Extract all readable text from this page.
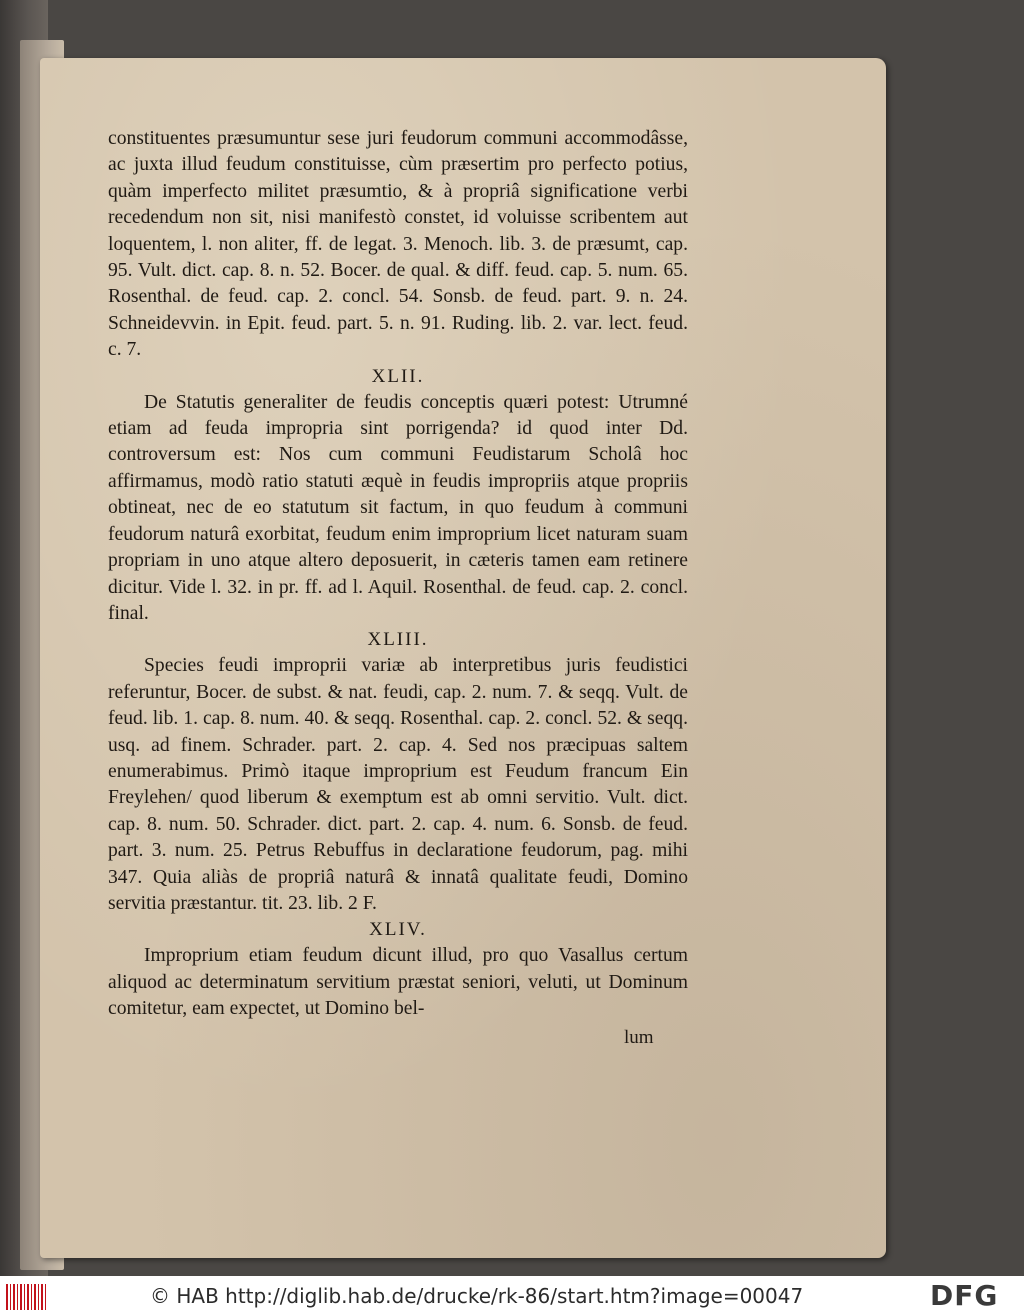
constituentes præsumuntur sese juri feudorum communi accommodâsse, ac juxta illud feudum constituisse, cùm præsertim pro perfecto potius, quàm imperfecto militet præsumtio, & à propriâ significatione verbi recedendum non sit, nisi manifestò constet, id voluisse scribentem aut loquentem, l. non aliter, ff. de legat. 3. Menoch. lib. 3. de præsumt, cap. 95. Vult. dict. cap. 8. n. 52. Bocer. de qual. & diff. feud. cap. 5. num. 65. Rosenthal. de feud. cap. 2. concl. 54. Sonsb. de feud. part. 9. n. 24. Schneidevvin. in Epit. feud. part. 5. n. 91. Ruding. lib. 2. var. lect. feud. c. 7.

XLII.

De Statutis generaliter de feudis conceptis quæri potest: Utrumné etiam ad feuda impropria sint porrigenda? id quod inter Dd. controversum est: Nos cum communi Feudistarum Scholâ hoc affirmamus, modò ratio statuti æquè in feudis impropriis atque propriis obtineat, nec de eo statutum sit factum, in quo feudum à communi feudorum naturâ exorbitat, feudum enim improprium licet naturam suam propriam in uno atque altero deposuerit, in cæteris tamen eam retinere dicitur. Vide l. 32. in pr. ff. ad l. Aquil. Rosenthal. de feud. cap. 2. concl. final.

XLIII.

Species feudi improprii variæ ab interpretibus juris feudistici referuntur, Bocer. de subst. & nat. feudi, cap. 2. num. 7. & seqq. Vult. de feud. lib. 1. cap. 8. num. 40. & seqq. Rosenthal. cap. 2. concl. 52. & seqq. usq. ad finem. Schrader. part. 2. cap. 4. Sed nos præcipuas saltem enumerabimus. Primò itaque improprium est Feudum francum Ein Freylehen/ quod liberum & exemptum est ab omni servitio. Vult. dict. cap. 8. num. 50. Schrader. dict. part. 2. cap. 4. num. 6. Sonsb. de feud. part. 3. num. 25. Petrus Rebuffus in declaratione feudorum, pag. mihi 347. Quia aliàs de propriâ naturâ & innatâ qualitate feudi, Domino servitia præstantur. tit. 23. lib. 2 F.

XLIV.

Improprium etiam feudum dicunt illud, pro quo Vasallus certum aliquod ac determinatum servitium præstat seniori, veluti, ut Dominum comitetur, eam expectet, ut Domino bel-

lum
© HAB http://diglib.hab.de/drucke/rk-86/start.htm?image=00047	DFG
